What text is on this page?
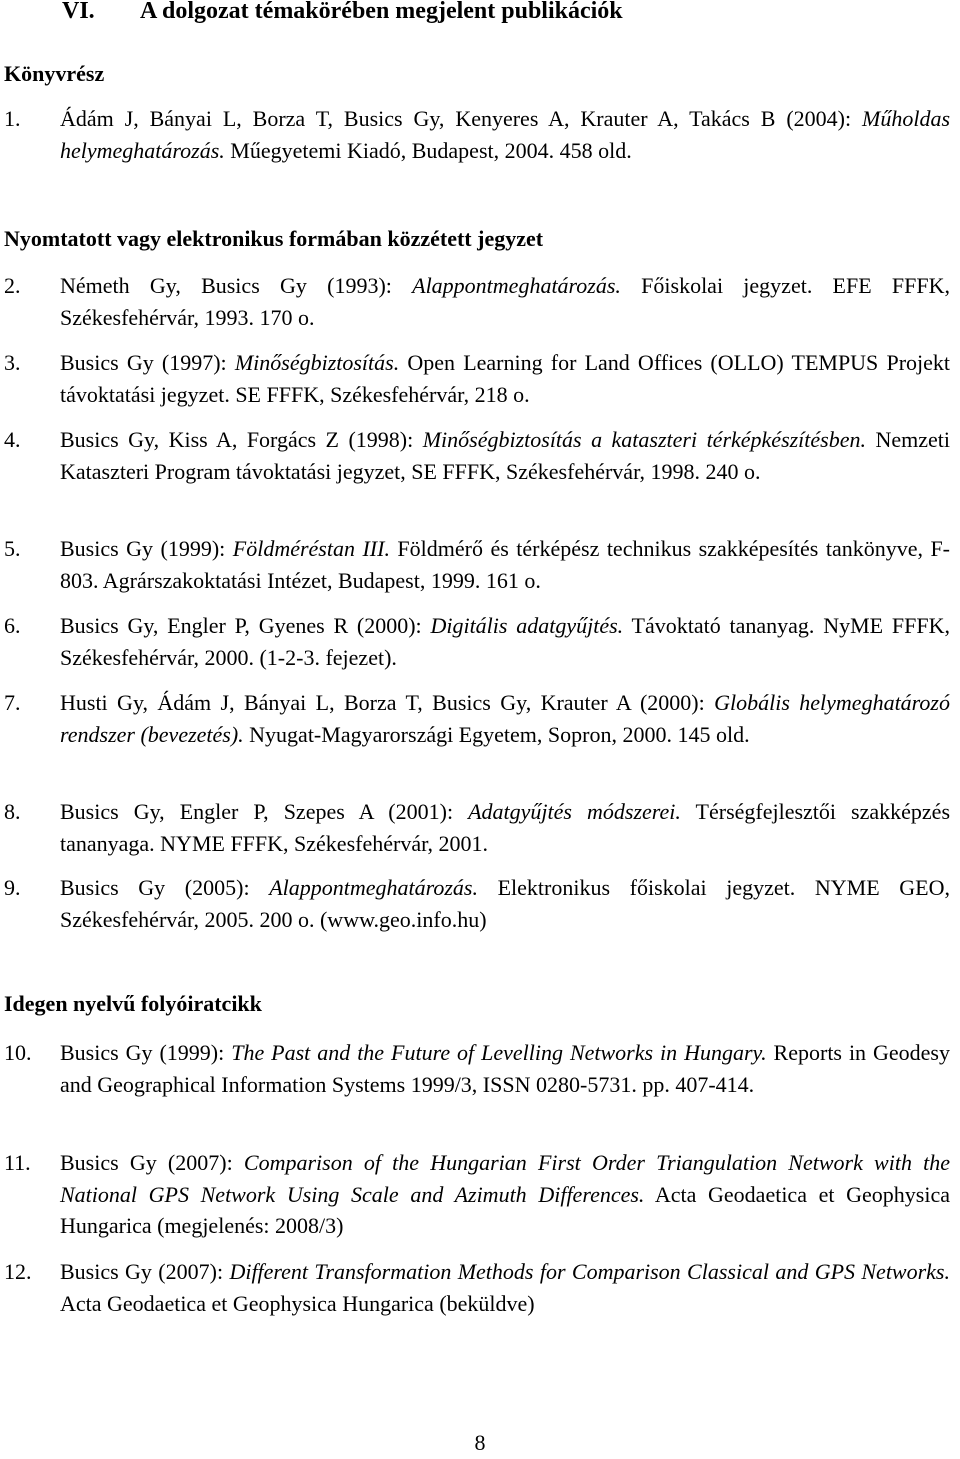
VI. A dolgozat témakörében megjelent publikációk
Könyvrész
1. Ádám J, Bányai L, Borza T, Busics Gy, Kenyeres A, Krauter A, Takács B (2004): Műholdas helymeghatározás. Műegyetemi Kiadó, Budapest, 2004. 458 old.
Nyomtatott vagy elektronikus formában közzétett jegyzet
2. Németh Gy, Busics Gy (1993): Alappontmeghatározás. Főiskolai jegyzet. EFE FFFK, Székesfehérvár, 1993. 170 o.
3. Busics Gy (1997): Minőségbiztosítás. Open Learning for Land Offices (OLLO) TEMPUS Projekt távoktatási jegyzet. SE FFFK, Székesfehérvár, 218 o.
4. Busics Gy, Kiss A, Forgács Z (1998): Minőségbiztosítás a kataszteri térképkészítésben. Nemzeti Kataszteri Program távoktatási jegyzet, SE FFFK, Székesfehérvár, 1998. 240 o.
5. Busics Gy (1999): Földméréstan III. Földmérő és térképész technikus szakképesítés tankönyve, F-803. Agrárszakoktatási Intézet, Budapest, 1999. 161 o.
6. Busics Gy, Engler P, Gyenes R (2000): Digitális adatgyűjtés. Távoktató tananyag. NyME FFFK, Székesfehérvár, 2000. (1-2-3. fejezet).
7. Husti Gy, Ádám J, Bányai L, Borza T, Busics Gy, Krauter A (2000): Globális helymeghatározó rendszer (bevezetés). Nyugat-Magyarországi Egyetem, Sopron, 2000. 145 old.
8. Busics Gy, Engler P, Szepes A (2001): Adatgyűjtés módszerei. Térségfejlesztői szakképzés tananyaga. NYME FFFK, Székesfehérvár, 2001.
9. Busics Gy (2005): Alappontmeghatározás. Elektronikus főiskolai jegyzet. NYME GEO, Székesfehérvár, 2005. 200 o. (www.geo.info.hu)
Idegen nyelvű folyóiratcikk
10. Busics Gy (1999): The Past and the Future of Levelling Networks in Hungary. Reports in Geodesy and Geographical Information Systems 1999/3, ISSN 0280-5731. pp. 407-414.
11. Busics Gy (2007): Comparison of the Hungarian First Order Triangulation Network with the National GPS Network Using Scale and Azimuth Differences. Acta Geodaetica et Geophysica Hungarica (megjelenés: 2008/3)
12. Busics Gy (2007): Different Transformation Methods for Comparison Classical and GPS Networks. Acta Geodaetica et Geophysica Hungarica (beküldve)
8
